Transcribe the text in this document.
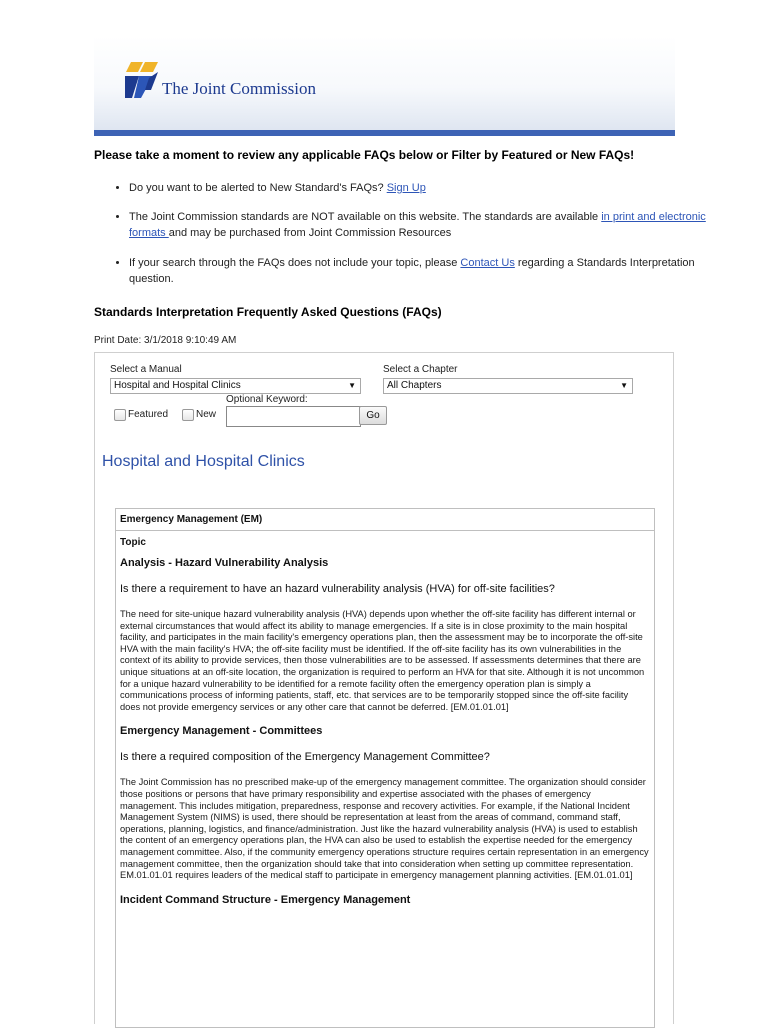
The Joint Commission
Please take a moment to review any applicable FAQs below or Filter by Featured or New FAQs!
• Do you want to be alerted to New Standard's FAQs? Sign Up
• The Joint Commission standards are NOT available on this website. The standards are available in print and electronic formats and may be purchased from Joint Commission Resources
• If your search through the FAQs does not include your topic, please Contact Us regarding a Standards Interpretation question.
Standards Interpretation Frequently Asked Questions (FAQs)
Print Date: 3/1/2018 9:10:49 AM
Select a Manual
Hospital and Hospital Clinics	▼
Select a Chapter
All Chapters	▼
Optional Keyword:
Featured	New	Go
Hospital and Hospital Clinics
Emergency Management (EM)
Topic
Analysis - Hazard Vulnerability Analysis
Is there a requirement to have an hazard vulnerability analysis (HVA) for off-site facilities?
The need for site-unique hazard vulnerability analysis (HVA) depends upon whether the off-site facility has different internal or external circumstances that would affect its ability to manage emergencies. If a site is in close proximity to the main hospital facility, and participates in the main facility's emergency operations plan, then the assessment may be to incorporate the off-site HVA with the main facility's HVA; the off-site facility must be identified. If the off-site facility has its own vulnerabilities in the context of its ability to provide services, then those vulnerabilities are to be assessed. If assessments determines that there are unique situations at an off-site location, the organization is required to perform an HVA for that site. Although it is not uncommon for a unique hazard vulnerability to be identified for a remote facility often the emergency operation plan is simply a communications process of informing patients, staff, etc. that services are to be temporarily stopped since the off-site facility does not provide emergency services or any other care that cannot be deferred. [EM.01.01.01]
Emergency Management - Committees
Is there a required composition of the Emergency Management Committee?
The Joint Commission has no prescribed make-up of the emergency management committee. The organization should consider those positions or persons that have primary responsibility and expertise associated with the phases of emergency management. This includes mitigation, preparedness, response and recovery activities. For example, if the National Incident Management System (NIMS) is used, there should be representation at least from the areas of command, command staff, operations, planning, logistics, and finance/administration. Just like the hazard vulnerability analysis (HVA) is used to establish the content of an emergency operations plan, the HVA can also be used to establish the expertise needed for the emergency management committee. Also, if the community emergency operations structure requires certain representation in an emergency management committee, then the organization should take that into consideration when setting up committee representation. EM.01.01.01 requires leaders of the medical staff to participate in emergency management planning activities. [EM.01.01.01]
Incident Command Structure - Emergency Management
